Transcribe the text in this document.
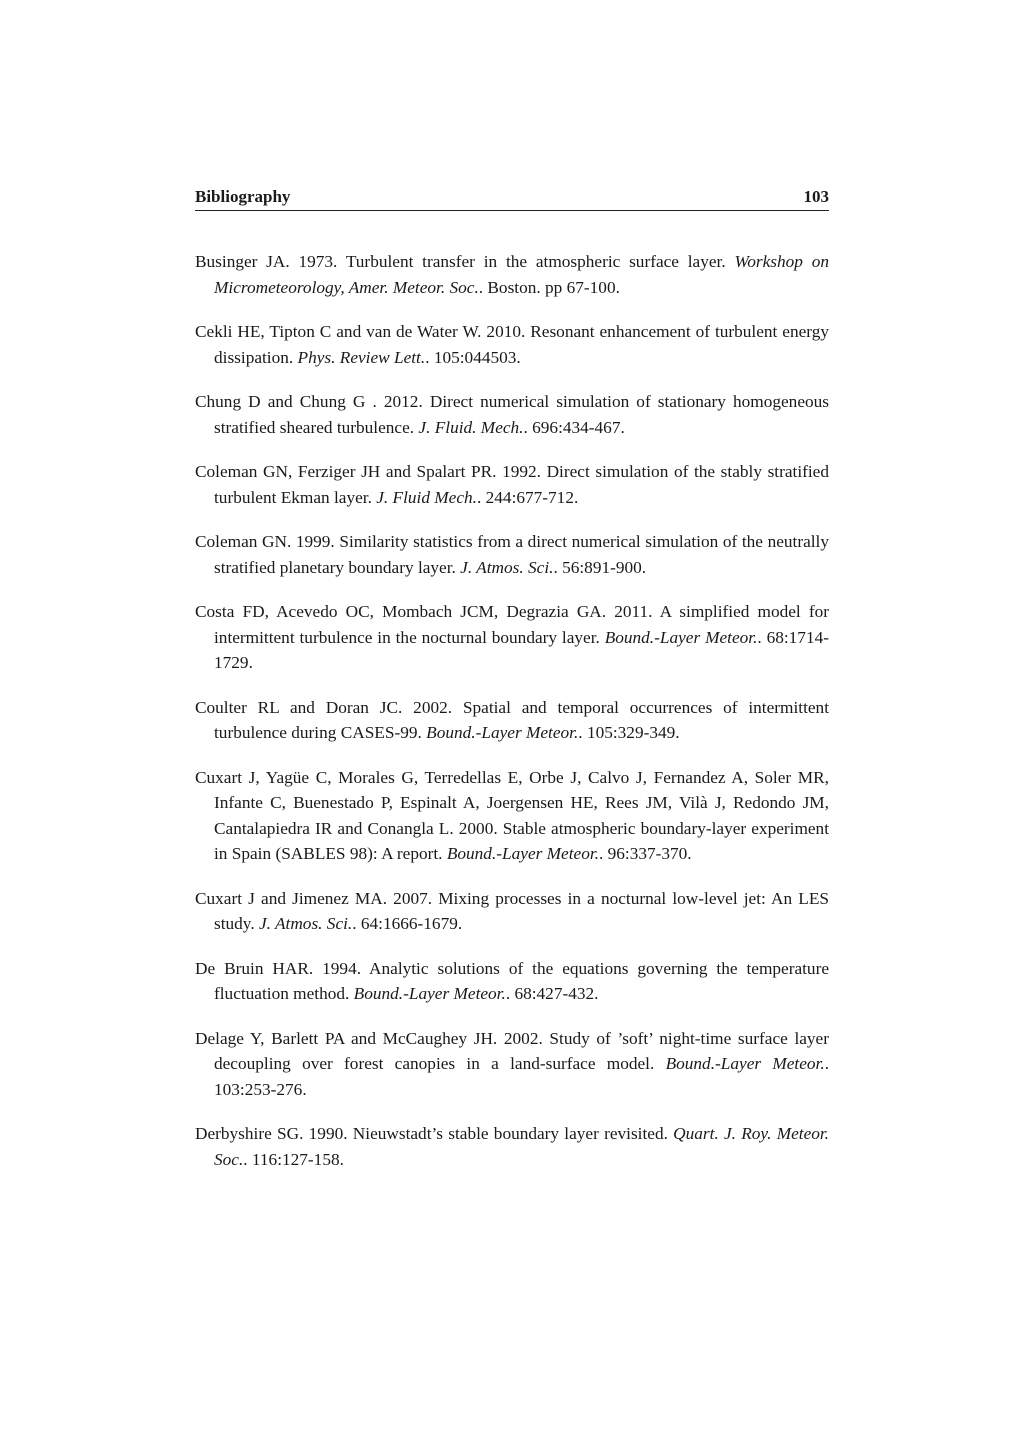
Bibliography	103
Businger JA. 1973. Turbulent transfer in the atmospheric surface layer. Workshop on Micrometeorology, Amer. Meteor. Soc.. Boston. pp 67-100.
Cekli HE, Tipton C and van de Water W. 2010. Resonant enhancement of turbulent energy dissipation. Phys. Review Lett.. 105:044503.
Chung D and Chung G . 2012. Direct numerical simulation of stationary homogeneous stratified sheared turbulence. J. Fluid. Mech.. 696:434-467.
Coleman GN, Ferziger JH and Spalart PR. 1992. Direct simulation of the stably stratified turbulent Ekman layer. J. Fluid Mech.. 244:677-712.
Coleman GN. 1999. Similarity statistics from a direct numerical simulation of the neutrally stratified planetary boundary layer. J. Atmos. Sci.. 56:891-900.
Costa FD, Acevedo OC, Mombach JCM, Degrazia GA. 2011. A simplified model for intermittent turbulence in the nocturnal boundary layer. Bound.-Layer Meteor.. 68:1714-1729.
Coulter RL and Doran JC. 2002. Spatial and temporal occurrences of intermittent turbulence during CASES-99. Bound.-Layer Meteor.. 105:329-349.
Cuxart J, Yagüe C, Morales G, Terredellas E, Orbe J, Calvo J, Fernandez A, Soler MR, Infante C, Buenestado P, Espinalt A, Joergensen HE, Rees JM, Vilà J, Redondo JM, Cantalapiedra IR and Conangla L. 2000. Stable atmospheric boundary-layer experiment in Spain (SABLES 98): A report. Bound.-Layer Meteor.. 96:337-370.
Cuxart J and Jimenez MA. 2007. Mixing processes in a nocturnal low-level jet: An LES study. J. Atmos. Sci.. 64:1666-1679.
De Bruin HAR. 1994. Analytic solutions of the equations governing the temperature fluctuation method. Bound.-Layer Meteor.. 68:427-432.
Delage Y, Barlett PA and McCaughey JH. 2002. Study of ’soft’ night-time surface layer decoupling over forest canopies in a land-surface model. Bound.-Layer Meteor.. 103:253-276.
Derbyshire SG. 1990. Nieuwstadt’s stable boundary layer revisited. Quart. J. Roy. Meteor. Soc.. 116:127-158.
